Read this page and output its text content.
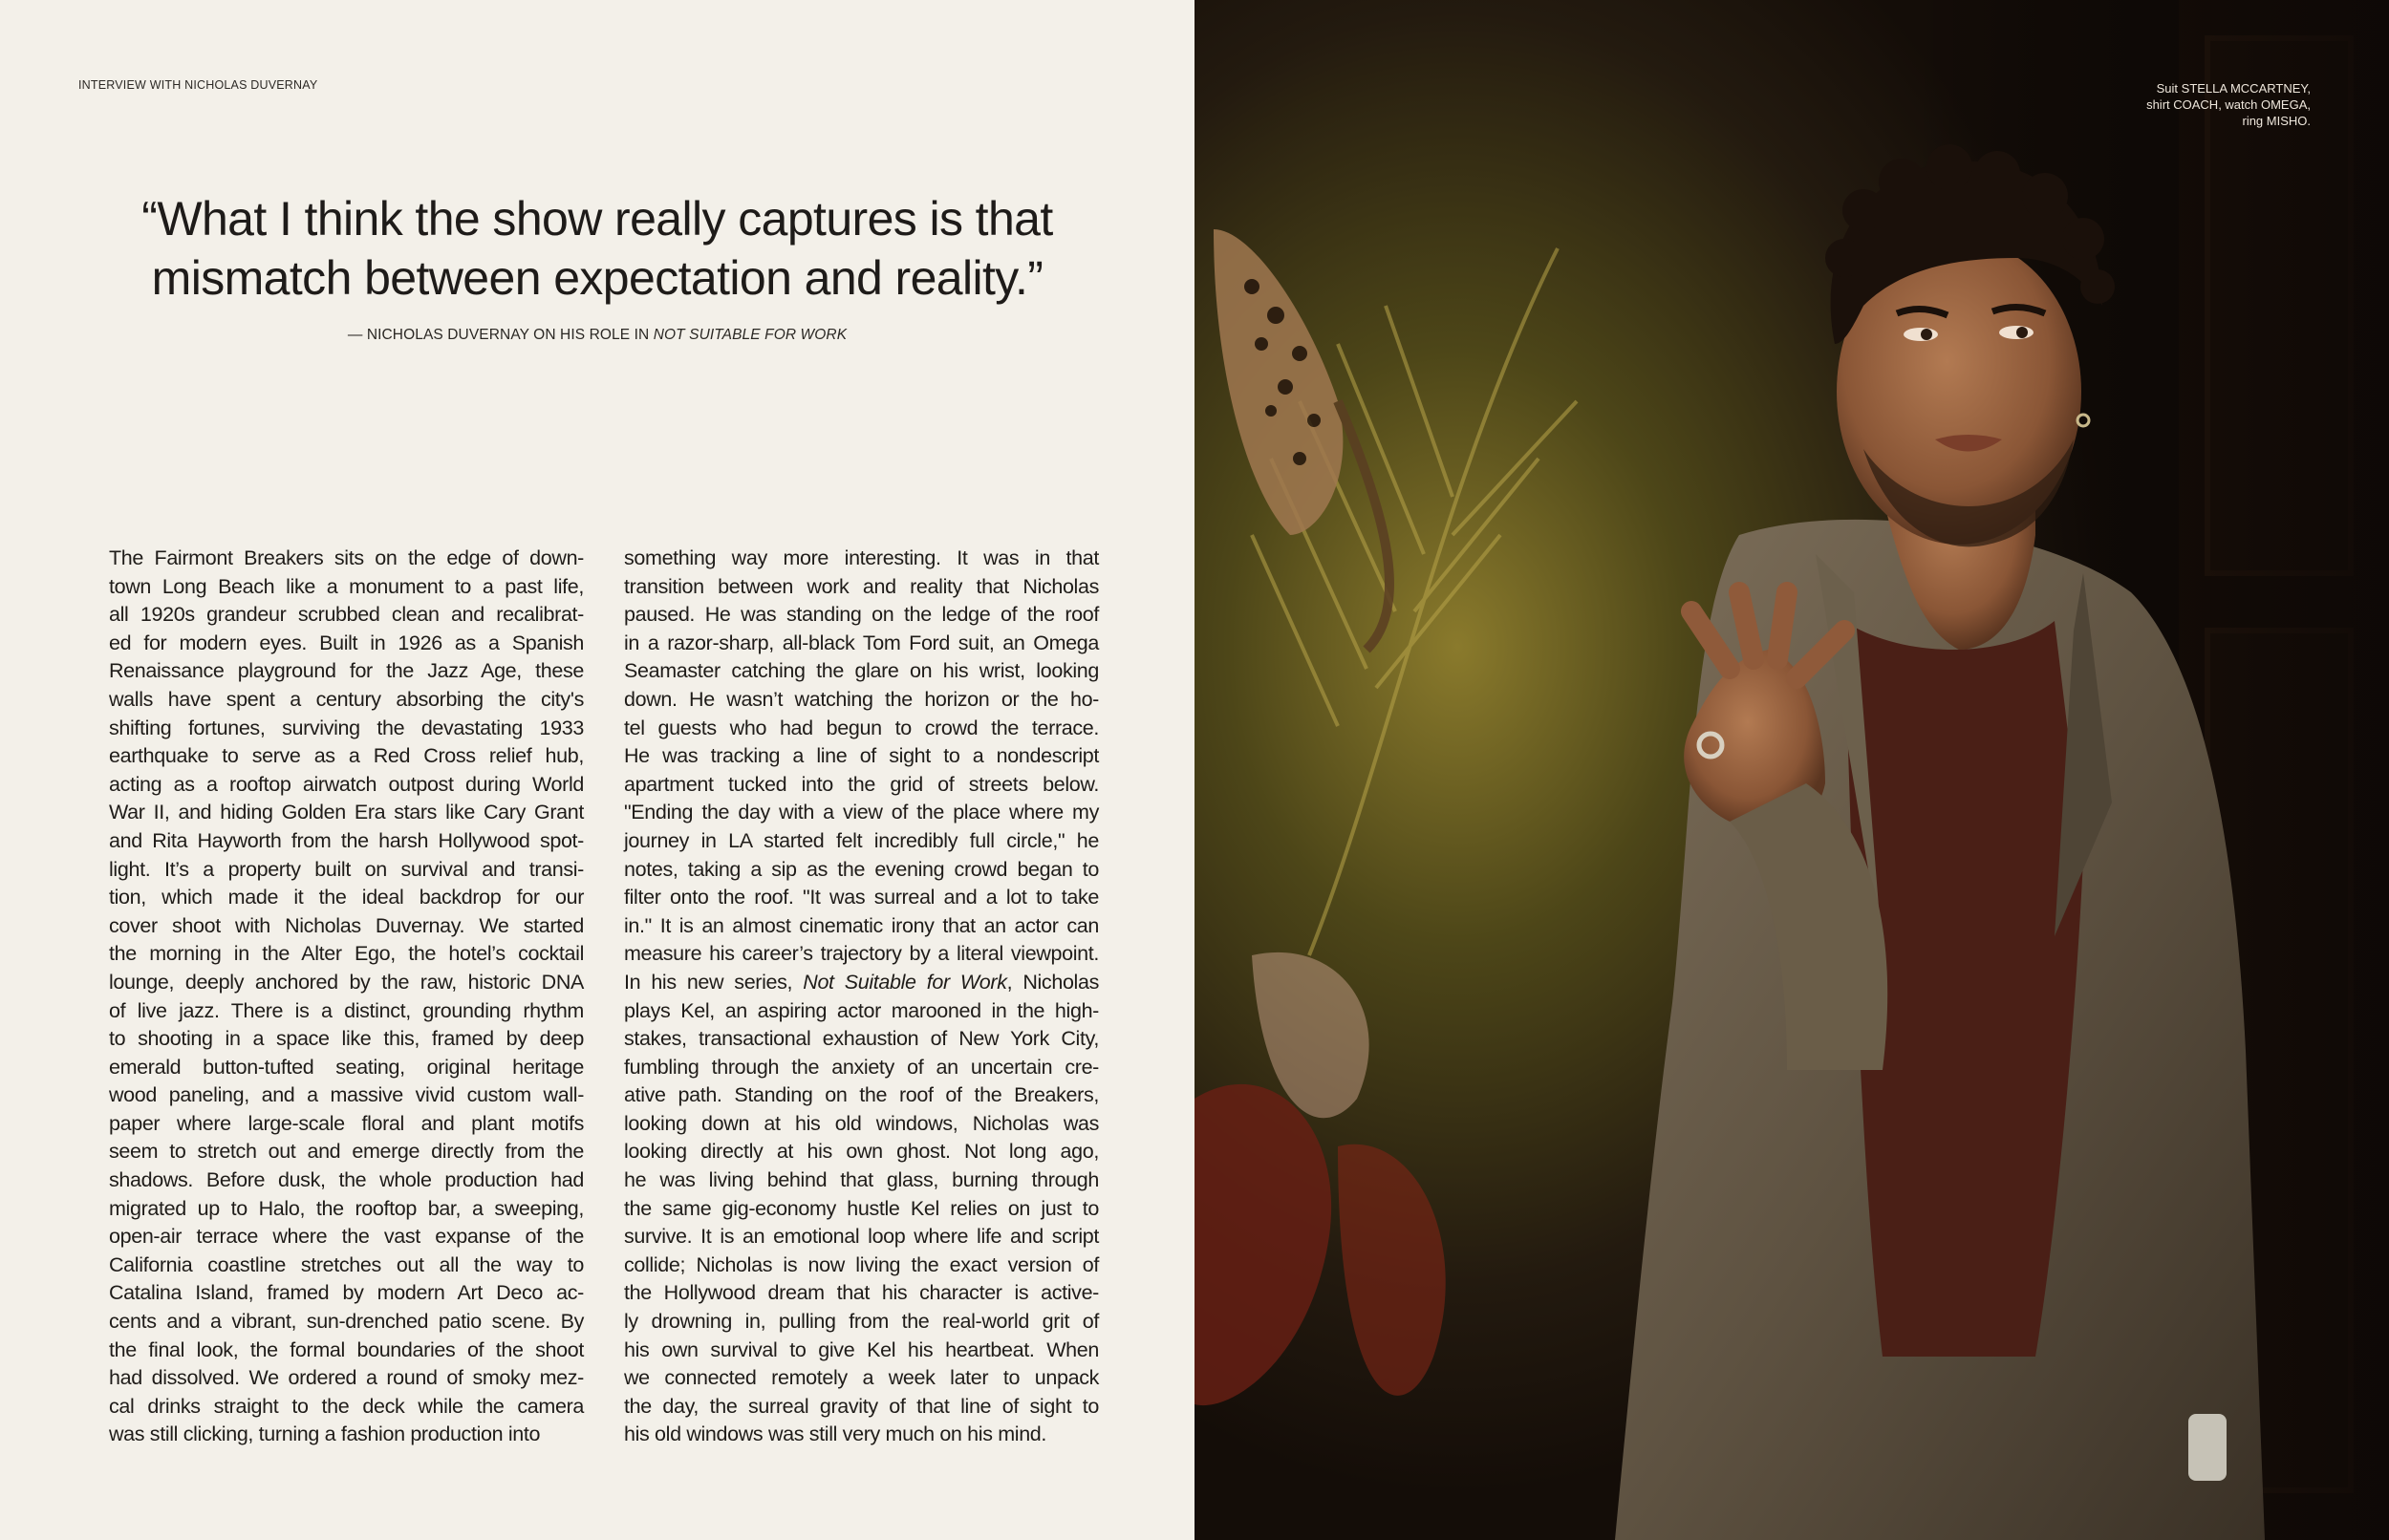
INTERVIEW WITH NICHOLAS DUVERNAY
“What I think the show really captures is that
mismatch between expectation and reality.”
— NICHOLAS DUVERNAY ON HIS ROLE IN NOT SUITABLE FOR WORK
The Fairmont Breakers sits on the edge of down-
town Long Beach like a monument to a past life,
all 1920s grandeur scrubbed clean and recalibrat-
ed for modern eyes. Built in 1926 as a Spanish
Renaissance playground for the Jazz Age, these
walls have spent a century absorbing the city's
shifting fortunes, surviving the devastating 1933
earthquake to serve as a Red Cross relief hub,
acting as a rooftop airwatch outpost during World
War II, and hiding Golden Era stars like Cary Grant
and Rita Hayworth from the harsh Hollywood spot-
light. It’s a property built on survival and transi-
tion, which made it the ideal backdrop for our
cover shoot with Nicholas Duvernay. We started
the morning in the Alter Ego, the hotel’s cocktail
lounge, deeply anchored by the raw, historic DNA
of live jazz. There is a distinct, grounding rhythm
to shooting in a space like this, framed by deep
emerald button-tufted seating, original heritage
wood paneling, and a massive vivid custom wall-
paper where large-scale floral and plant motifs
seem to stretch out and emerge directly from the
shadows. Before dusk, the whole production had
migrated up to Halo, the rooftop bar, a sweeping,
open-air terrace where the vast expanse of the
California coastline stretches out all the way to
Catalina Island, framed by modern Art Deco ac-
cents and a vibrant, sun-drenched patio scene. By
the final look, the formal boundaries of the shoot
had dissolved. We ordered a round of smoky mez-
cal drinks straight to the deck while the camera
was still clicking, turning a fashion production into
something way more interesting. It was in that
transition between work and reality that Nicholas
paused. He was standing on the ledge of the roof
in a razor-sharp, all-black Tom Ford suit, an Omega
Seamaster catching the glare on his wrist, looking
down. He wasn’t watching the horizon or the ho-
tel guests who had begun to crowd the terrace.
He was tracking a line of sight to a nondescript
apartment tucked into the grid of streets below.
"Ending the day with a view of the place where my
journey in LA started felt incredibly full circle," he
notes, taking a sip as the evening crowd began to
filter onto the roof. "It was surreal and a lot to take
in." It is an almost cinematic irony that an actor can
measure his career’s trajectory by a literal viewpoint.
In his new series, Not Suitable for Work, Nicholas
plays Kel, an aspiring actor marooned in the high-
stakes, transactional exhaustion of New York City,
fumbling through the anxiety of an uncertain cre-
ative path. Standing on the roof of the Breakers,
looking down at his old windows, Nicholas was
looking directly at his own ghost. Not long ago,
he was living behind that glass, burning through
the same gig-economy hustle Kel relies on just to
survive. It is an emotional loop where life and script
collide; Nicholas is now living the exact version of
the Hollywood dream that his character is active-
ly drowning in, pulling from the real-world grit of
his own survival to give Kel his heartbeat. When
we connected remotely a week later to unpack
the day, the surreal gravity of that line of sight to
his old windows was still very much on his mind.
Suit STELLA MCCARTNEY,
shirt COACH, watch OMEGA,
ring MISHO.
